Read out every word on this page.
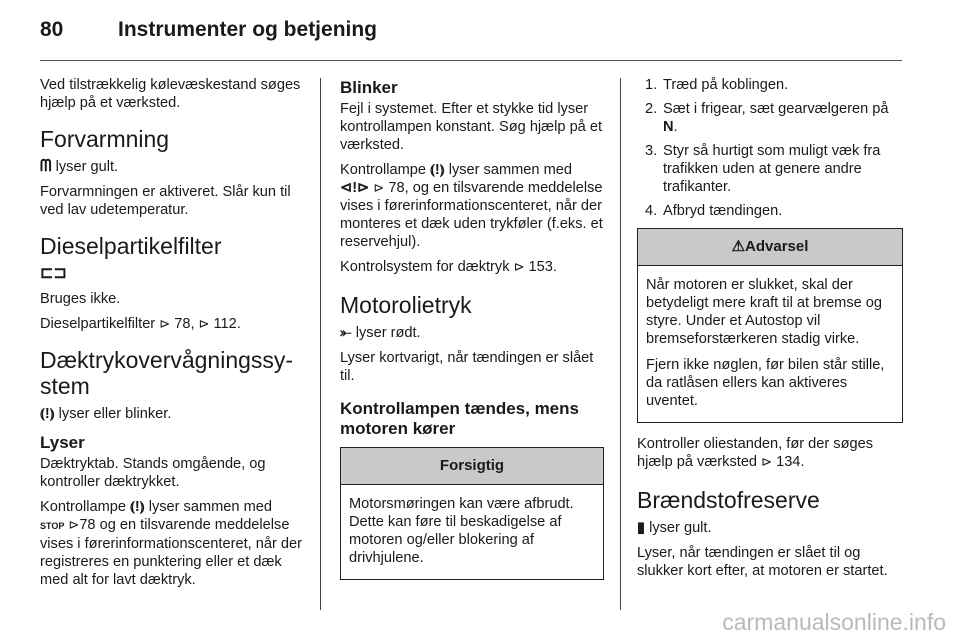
80	Instrumenter og betjening

Ved tilstrækkelig kølevæskestand søges hjælp på et værksted.

Forvarmning

ᗰ lyser gult.

Forvarmningen er aktiveret. Slår kun til ved lav udetemperatur.

Dieselpartikelfilter

⊏⊐

Bruges ikke.

Dieselpartikelfilter ⊳ 78, ⊳ 112.

Dæktrykovervågningssystem

⦅!⦆ lyser eller blinker.

Lyser

Dæktryktab. Stands omgående, og kontroller dæktrykket.

Kontrollampe ⦅!⦆ lyser sammen med
STOP ⊳78 og en tilsvarende meddelelse vises i førerinformationscenteret, når der registreres en punktering eller et dæk med alt for lavt dæktryk.

Blinker

Fejl i systemet. Efter et stykke tid lyser kontrollampen konstant. Søg hjælp på et værksted.

Kontrollampe ⦅!⦆ lyser sammen med
⊲!⊳ ⊳ 78, og en tilsvarende meddelelse vises i førerinformationscenteret, når der monteres et dæk uden trykføler (f.eks. et reservehjul).

Kontrolsystem for dæktryk ⊳ 153.

Motorolietryk

⤜ lyser rødt.

Lyser kortvarigt, når tændingen er slået til.

Kontrollampen tændes, mens motoren kører
Forsigtig

Motorsmøringen kan være afbrudt. Dette kan føre til beskadigelse af motoren og/eller blokering af drivhjulene.

1. Træd på koblingen.
2. Sæt i frigear, sæt gearvælgeren på N.
3. Styr så hurtigt som muligt væk fra trafikken uden at genere andre trafikanter.
4. Afbryd tændingen.
⚠Advarsel

Når motoren er slukket, skal der betydeligt mere kraft til at bremse og styre. Under et Autostop vil bremseforstærkeren stadig virke.

Fjern ikke nøglen, før bilen står stille, da ratlåsen ellers kan aktiveres uventet.

Kontroller oliestanden, før der søges hjælp på værksted ⊳ 134.

Brændstofreserve

▮ lyser gult.

Lyser, når tændingen er slået til og slukker kort efter, at motoren er startet.

carmanualsonline.info
